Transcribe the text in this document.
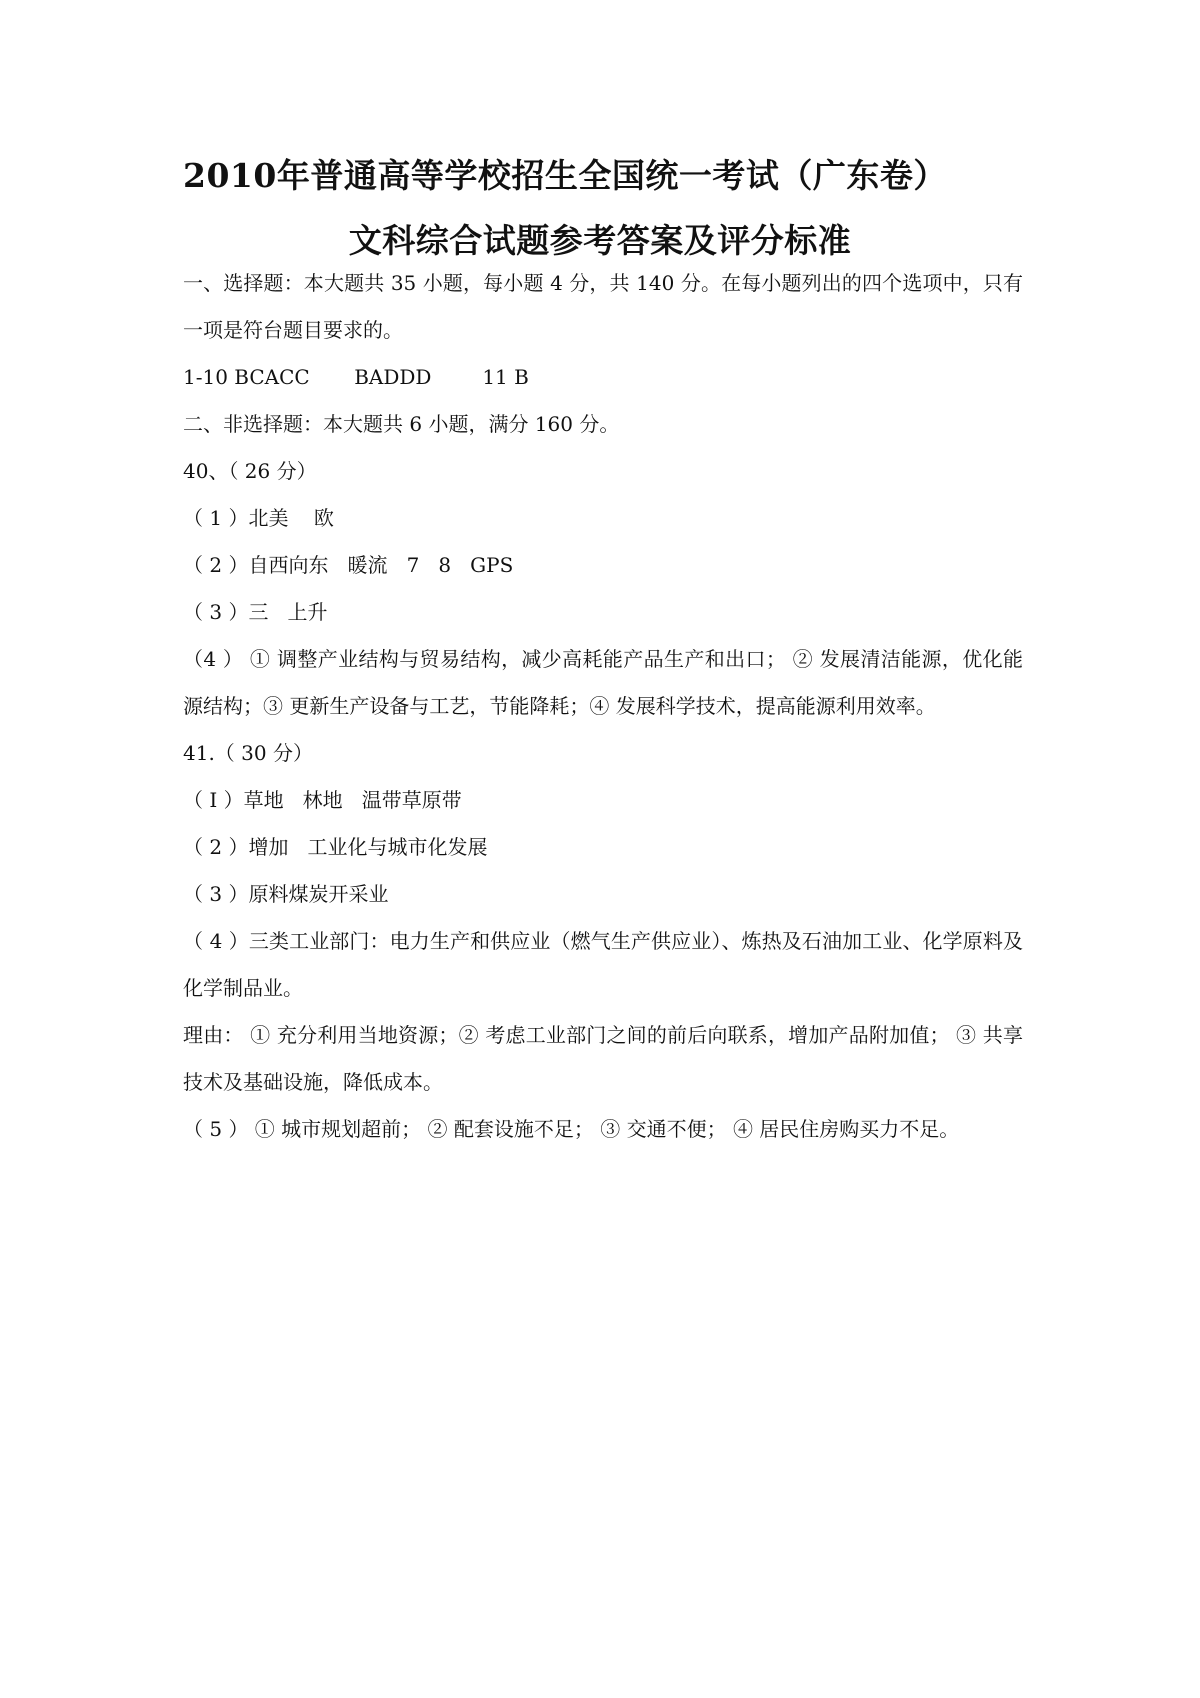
2010年普通高等学校招生全国统一考试（广东卷）
文科综合试题参考答案及评分标准
一、选择题：本大题共 35 小题，每小题 4 分，共 140 分。在每小题列出的四个选项中，只有一项是符台题目要求的。
1-10 BCACC       BADDD        11 B
二、非选择题：本大题共 6 小题，满分 160 分。
40、（ 26 分）
（ 1 ）北美    欧
（ 2 ）自西向东   暖流   7   8   GPS
（ 3 ）三   上升
（4 ） ① 调整产业结构与贸易结构，减少高耗能产品生产和出口； ② 发展清洁能源，优化能源结构；③ 更新生产设备与工艺，节能降耗；④ 发展科学技术，提高能源利用效率。
41.（ 30 分）
（ I ）草地   林地   温带草原带
（ 2 ）增加   工业化与城市化发展
（ 3 ）原料煤炭开采业
（ 4 ）三类工业部门：电力生产和供应业（燃气生产供应业）、炼热及石油加工业、化学原料及化学制品业。
理由： ① 充分利用当地资源；② 考虑工业部门之间的前后向联系，增加产品附加值； ③ 共享技术及基础设施，降低成本。
（ 5 ） ① 城市规划超前； ② 配套设施不足； ③ 交通不便； ④ 居民住房购买力不足。
